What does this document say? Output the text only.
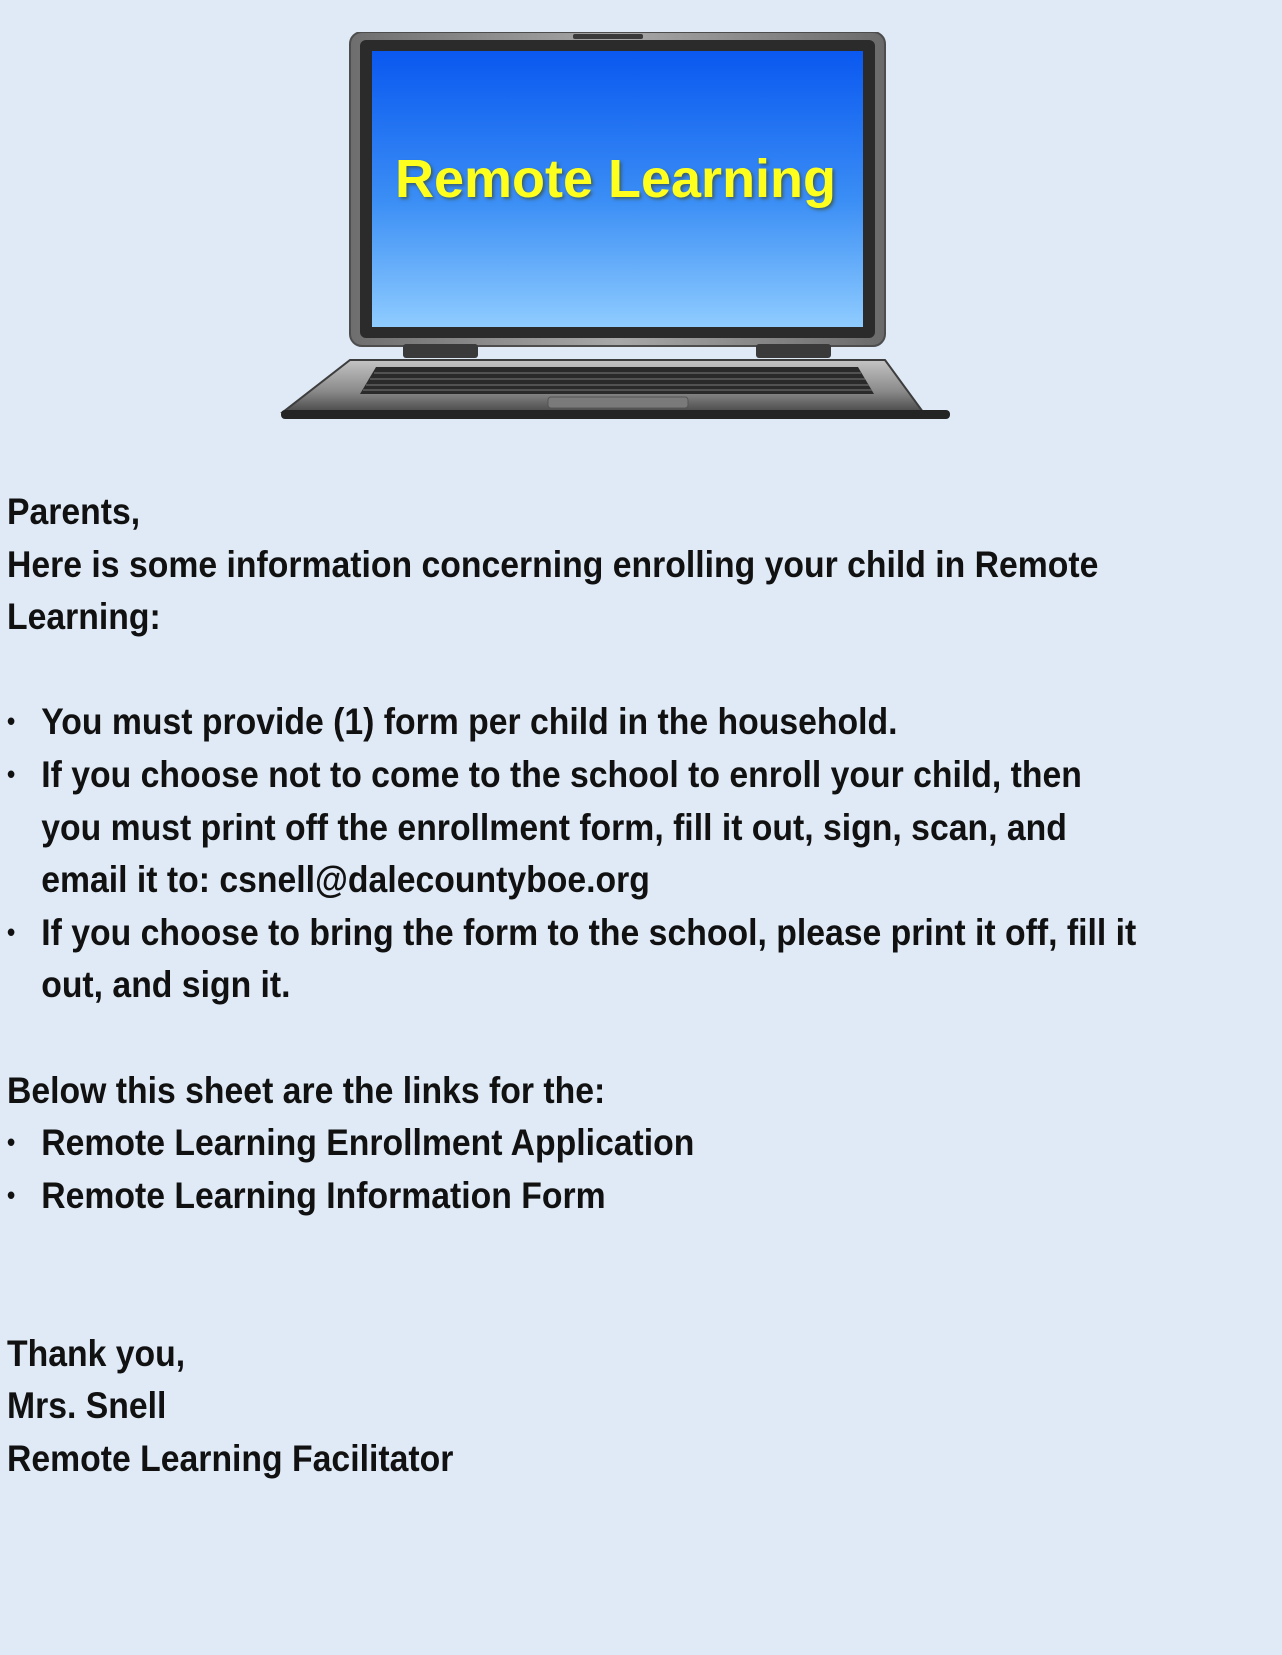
Remote Learning

Parents,

Here is some information concerning enrolling your child in Remote Learning:

• You must provide (1) form per child in the household.
• If you choose not to come to the school to enroll your child, then you must print off the enrollment form, fill it out, sign, scan, and email it to: csnell@dalecountyboe.org
• If you choose to bring the form to the school, please print it off, fill it out, and sign it.

Below this sheet are the links for the:

• Remote Learning Enrollment Application
• Remote Learning Information Form

Thank you,

Mrs. Snell

Remote Learning Facilitator
